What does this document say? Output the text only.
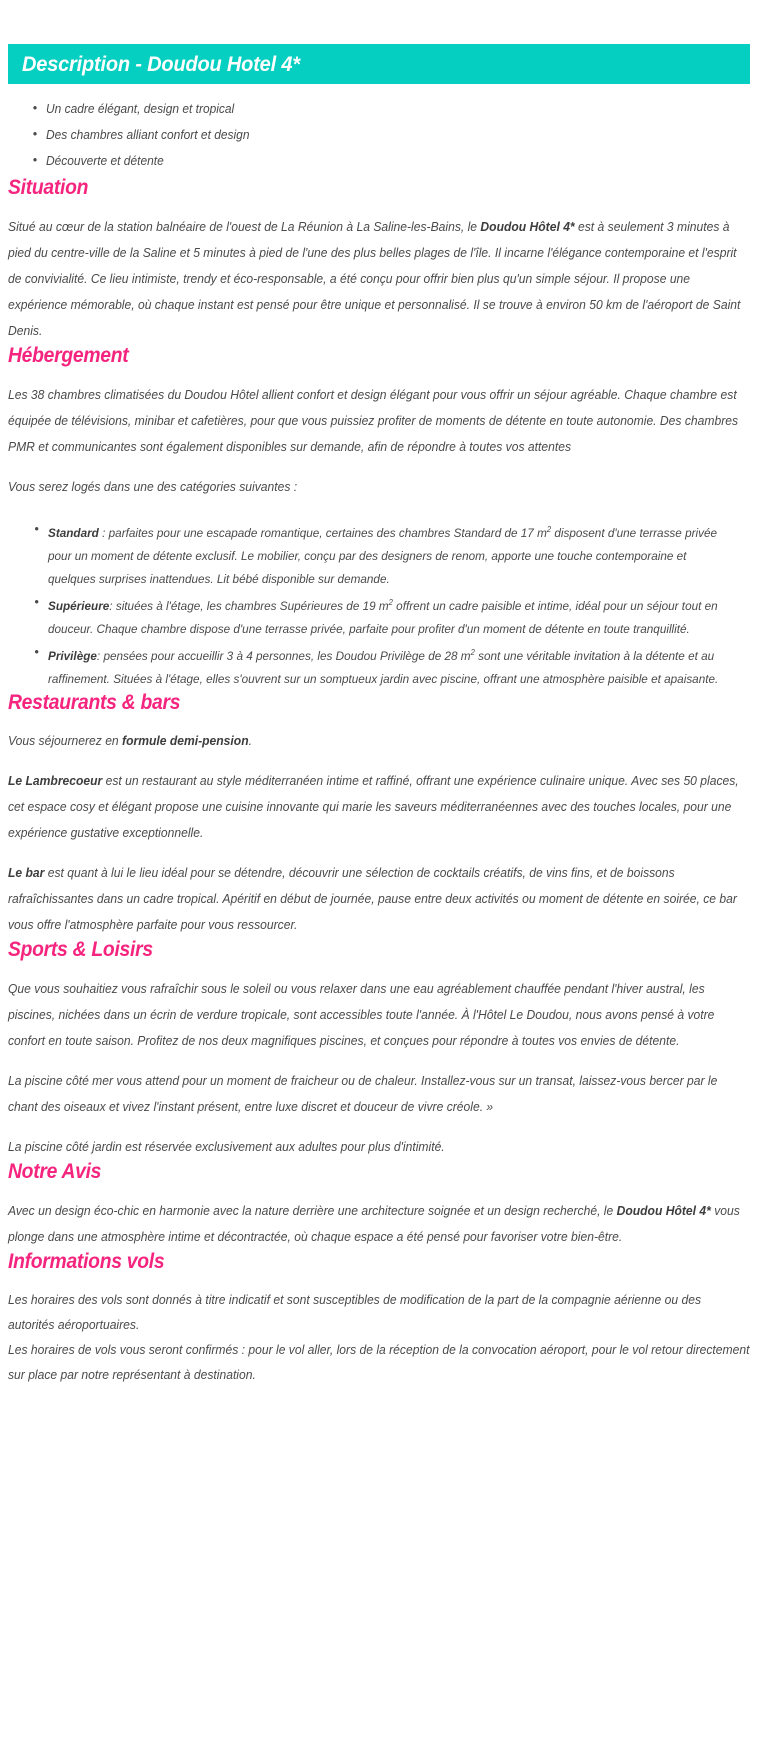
Description - Doudou Hotel 4*
• Un cadre élégant, design et tropical
• Des chambres alliant confort et design
• Découverte et détente
Situation

Situé au cœur de la station balnéaire de l'ouest de La Réunion à La Saline-les-Bains, le Doudou Hôtel 4* est à seulement 3 minutes à pied du centre-ville de la Saline et 5 minutes à pied de l'une des plus belles plages de l'île. Il incarne l'élégance contemporaine et l'esprit de convivialité. Ce lieu intimiste, trendy et éco-responsable, a été conçu pour offrir bien plus qu'un simple séjour. Il propose une expérience mémorable, où chaque instant est pensé pour être unique et personnalisé. Il se trouve à environ 50 km de l'aéroport de Saint Denis.

Hébergement

Les 38 chambres climatisées du Doudou Hôtel allient confort et design élégant pour vous offrir un séjour agréable. Chaque chambre est équipée de télévisions, minibar et cafetières, pour que vous puissiez profiter de moments de détente en toute autonomie. Des chambres PMR et communicantes sont également disponibles sur demande, afin de répondre à toutes vos attentes

Vous serez logés dans une des catégories suivantes :

• Standard : parfaites pour une escapade romantique, certaines des chambres Standard de 17 $m^2$ disposent d'une terrasse privée pour un moment de détente exclusif. Le mobilier, conçu par des designers de renom, apporte une touche contemporaine et quelques surprises inattendues. Lit bébé disponible sur demande.
• Supérieure: situées à l'étage, les chambres Supérieures de 19 $m^2$ offrent un cadre paisible et intime, idéal pour un séjour tout en douceur. Chaque chambre dispose d'une terrasse privée, parfaite pour profiter d'un moment de détente en toute tranquillité.
• Privilège: pensées pour accueillir 3 à 4 personnes, les Doudou Privilège de 28 $m^2$ sont une véritable invitation à la détente et au raffinement. Situées à l'étage, elles s'ouvrent sur un somptueux jardin avec piscine, offrant une atmosphère paisible et apaisante.
Restaurants & bars

Vous séjournerez en formule demi-pension.

Le Lambrecoeur est un restaurant au style méditerranéen intime et raffiné, offrant une expérience culinaire unique. Avec ses 50 places, cet espace cosy et élégant propose une cuisine innovante qui marie les saveurs méditerranéennes avec des touches locales, pour une expérience gustative exceptionnelle.

Le bar est quant à lui le lieu idéal pour se détendre, découvrir une sélection de cocktails créatifs, de vins fins, et de boissons rafraîchissantes dans un cadre tropical. Apéritif en début de journée, pause entre deux activités ou moment de détente en soirée, ce bar vous offre l'atmosphère parfaite pour vous ressourcer.

Sports & Loisirs

Que vous souhaitiez vous rafraîchir sous le soleil ou vous relaxer dans une eau agréablement chauffée pendant l'hiver austral, les piscines, nichées dans un écrin de verdure tropicale, sont accessibles toute l'année. À l'Hôtel Le Doudou, nous avons pensé à votre confort en toute saison. Profitez de nos deux magnifiques piscines, et conçues pour répondre à toutes vos envies de détente.

La piscine côté mer vous attend pour un moment de fraicheur ou de chaleur. Installez-vous sur un transat, laissez-vous bercer par le chant des oiseaux et vivez l'instant présent, entre luxe discret et douceur de vivre créole. »

La piscine côté jardin est réservée exclusivement aux adultes pour plus d'intimité.

Notre Avis

Avec un design éco-chic en harmonie avec la nature derrière une architecture soignée et un design recherché, le Doudou Hôtel 4* vous plonge dans une atmosphère intime et décontractée, où chaque espace a été pensé pour favoriser votre bien-être.

Informations vols

Les horaires des vols sont donnés à titre indicatif et sont susceptibles de modification de la part de la compagnie aérienne ou des autorités aéroportuaires.

Les horaires de vols vous seront confirmés : pour le vol aller, lors de la réception de la convocation aéroport, pour le vol retour directement sur place par notre représentant à destination.
